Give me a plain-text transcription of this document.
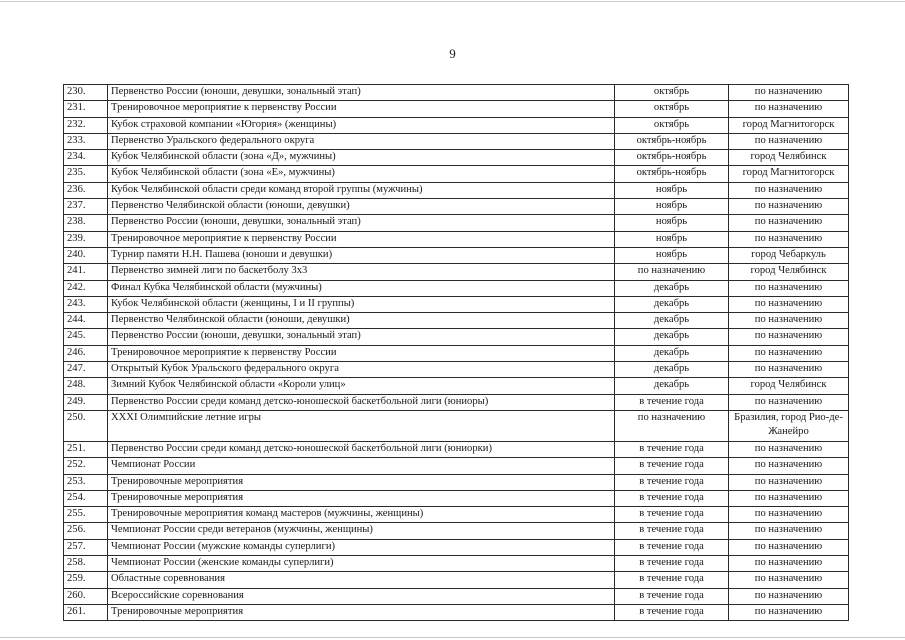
9
230.	Первенство России (юноши, девушки, зональный этап)	октябрь	по назначению
231.	Тренировочное мероприятие к первенству России	октябрь	по назначению
232.	Кубок страховой компании «Югория» (женщины)	октябрь	город Магнитогорск
233.	Первенство Уральского федерального округа	октябрь-ноябрь	по назначению
234.	Кубок Челябинской области (зона «Д», мужчины)	октябрь-ноябрь	город Челябинск
235.	Кубок Челябинской области (зона «Е», мужчины)	октябрь-ноябрь	город Магнитогорск
236.	Кубок Челябинской области среди команд второй группы (мужчины)	ноябрь	по назначению
237.	Первенство Челябинской области (юноши, девушки)	ноябрь	по назначению
238.	Первенство России (юноши, девушки, зональный этап)	ноябрь	по назначению
239.	Тренировочное мероприятие к первенству России	ноябрь	по назначению
240.	Турнир памяти Н.Н. Пашева (юноши и девушки)	ноябрь	город Чебаркуль
241.	Первенство зимней лиги по баскетболу 3х3	по назначению	город Челябинск
242.	Финал Кубка Челябинской области (мужчины)	декабрь	по назначению
243.	Кубок Челябинской области (женщины, I и II группы)	декабрь	по назначению
244.	Первенство Челябинской области (юноши, девушки)	декабрь	по назначению
245.	Первенство России (юноши, девушки, зональный этап)	декабрь	по назначению
246.	Тренировочное мероприятие к первенству России	декабрь	по назначению
247.	Открытый Кубок Уральского федерального округа	декабрь	по назначению
248.	Зимний Кубок Челябинской области «Короли улиц»	декабрь	город Челябинск
249.	Первенство России среди команд детско-юношеской баскетбольной лиги (юниоры)	в течение года	по назначению
250.	XXXI Олимпийские летние игры	по назначению	Бразилия, город Рио-де-Жанейро
251.	Первенство России среди команд детско-юношеской баскетбольной лиги (юниорки)	в течение года	по назначению
252.	Чемпионат России	в течение года	по назначению
253.	Тренировочные мероприятия	в течение года	по назначению
254.	Тренировочные мероприятия	в течение года	по назначению
255.	Тренировочные мероприятия команд мастеров (мужчины, женщины)	в течение года	по назначению
256.	Чемпионат России среди ветеранов (мужчины, женщины)	в течение года	по назначению
257.	Чемпионат России (мужские команды суперлиги)	в течение года	по назначению
258.	Чемпионат России (женские команды суперлиги)	в течение года	по назначению
259.	Областные соревнования	в течение года	по назначению
260.	Всероссийские соревнования	в течение года	по назначению
261.	Тренировочные мероприятия	в течение года	по назначению
